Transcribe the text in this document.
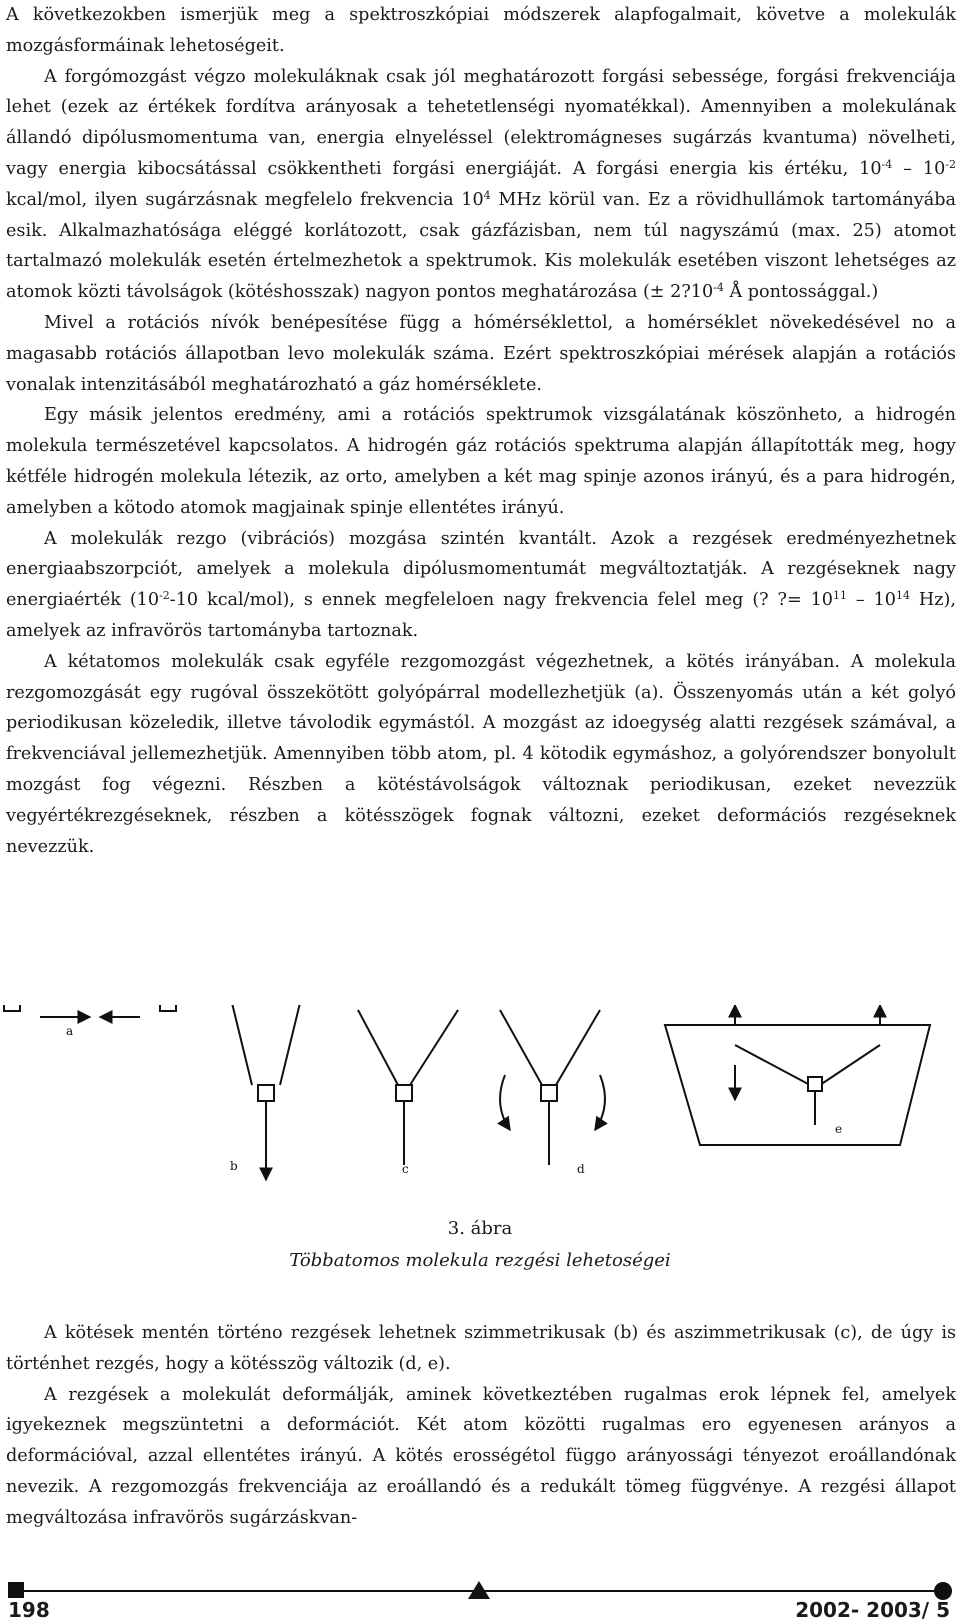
A következokben ismerjük meg a spektroszkópiai módszerek alapfogalmait, követve a molekulák mozgásformáinak lehetoségeit.

A forgómozgást végzo molekuláknak csak jól meghatározott forgási sebessége, forgási frekvenciája lehet (ezek az értékek fordítva arányosak a tehetetlenségi nyomatékkal). Amennyiben a molekulának állandó dipólusmomentuma van, energia elnyeléssel (elektromágneses sugárzás kvantuma) növelheti, vagy energia kibocsátással csökkentheti forgási energiáját. A forgási energia kis értéku, $10^{-4} - 10^{-2}$ kcal/mol, ilyen sugárzásnak megfelelo frekvencia $10^4$ MHz körül van. Ez a rövidhullámok tartományába esik. Alkalmazhatósága eléggé korlátozott, csak gázfázisban, nem túl nagyszámú (max. 25) atomot tartalmazó molekulák esetén értelmezhetok a spektrumok. Kis molekulák esetében viszont lehetséges az atomok közti távolságok (kötéshosszak) nagyon pontos meghatározása (± $2?10^{-4}$ Å pontossággal.)

Mivel a rotációs nívók benépesítése függ a hómérséklettol, a homérséklet növekedésével no a magasabb rotációs állapotban levo molekulák száma. Ezért spektroszkópiai mérések alapján a rotációs vonalak intenzitásából meghatározható a gáz homérséklete.

Egy másik jelentos eredmény, ami a rotációs spektrumok vizsgálatának köszönheto, a hidrogén molekula természetével kapcsolatos. A hidrogén gáz rotációs spektruma alapján állapították meg, hogy kétféle hidrogén molekula létezik, az orto, amelyben a két mag spinje azonos irányú, és a para hidrogén, amelyben a kötodo atomok magjainak spinje ellentétes irányú.

A molekulák rezgo (vibrációs) mozgása szintén kvantált. Azok a rezgések eredményezhetnek energiaabszorpciót, amelyek a molekula dipólusmomentumát megváltoztatják. A rezgéseknek nagy energiaérték ($10^{-2}-10$ kcal/mol), s ennek megfeleloen nagy frekvencia felel meg (? ?= $10^{11} - 10^{14}$ Hz), amelyek az infravörös tartományba tartoznak.

A kétatomos molekulák csak egyféle rezgomozgást végezhetnek, a kötés irányában. A molekula rezgomozgását egy rugóval összekötött golyópárral modellezhetjük (a). Összenyomás után a két golyó periodikusan közeledik, illetve távolodik egymástól. A mozgást az idoegység alatti rezgések számával, a frekvenciával jellemezhetjük. Amennyiben több atom, pl. 4 kötodik egymáshoz, a golyórendszer bonyolult mozgást fog végezni. Részben a kötéstávolságok változnak periodikusan, ezeket nevezzük vegyértékrezgéseknek, részben a kötésszögek fognak változni, ezeket deformációs rezgéseknek nevezzük.

a
b	c	d
e
3. ábra
Többatomos molekula rezgési lehetoségei

A kötések mentén történo rezgések lehetnek szimmetrikusak (b) és aszimmetrikusak (c), de úgy is történhet rezgés, hogy a kötésszög változik (d, e).

A rezgések a molekulát deformálják, aminek következtében rugalmas erok lépnek fel, amelyek igyekeznek megszüntetni a deformációt. Két atom közötti rugalmas ero egyenesen arányos a deformációval, azzal ellentétes irányú. A kötés erosségétol függo arányossági tényezot eroállandónak nevezik. A rezgomozgás frekvenciája az eroállandó és a redukált tömeg függvénye. A rezgési állapot megváltozása infravörös sugárzáskvan-

198	2002- 2003/ 5
